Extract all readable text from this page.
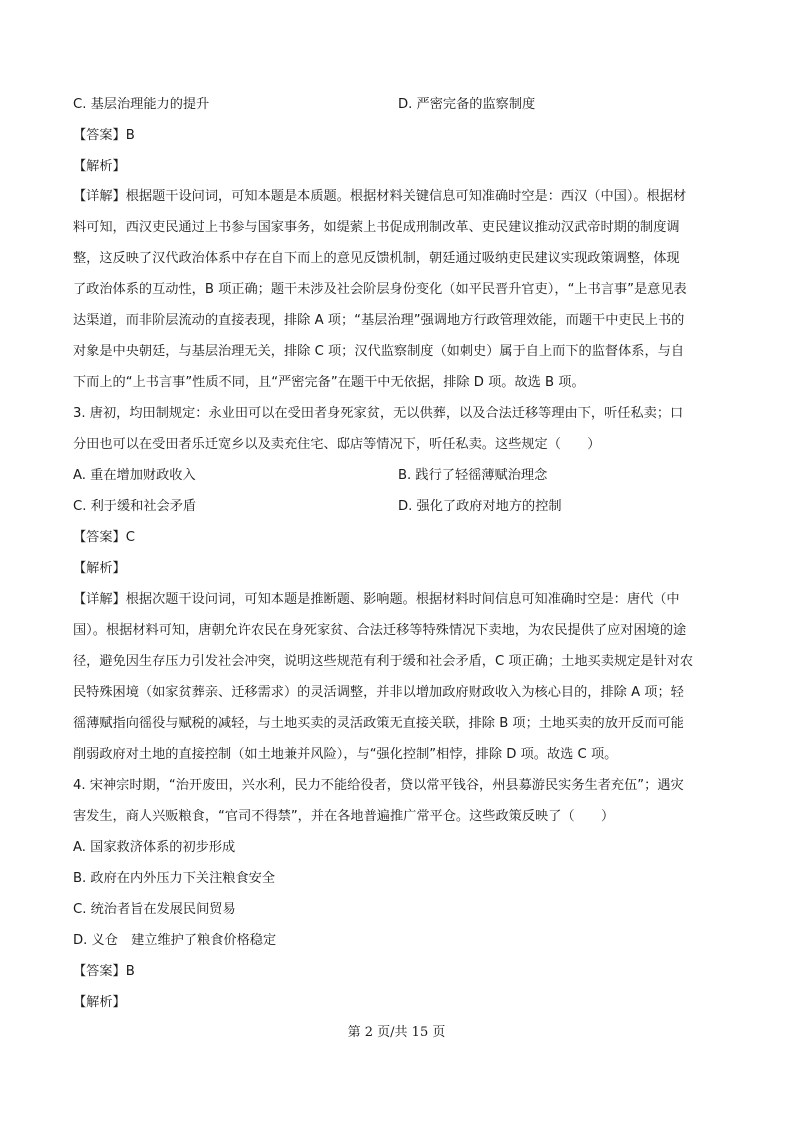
C. 基层治理能力的提升	D. 严密完备的监察制度
【答案】B
【解析】
【详解】根据题干设问词，可知本题是本质题。根据材料关键信息可知准确时空是：西汉（中国）。根据材
料可知，西汉吏民通过上书参与国家事务，如缇萦上书促成刑制改革、吏民建议推动汉武帝时期的制度调
整，这反映了汉代政治体系中存在自下而上的意见反馈机制，朝廷通过吸纳吏民建议实现政策调整，体现
了政治体系的互动性，B 项正确；题干未涉及社会阶层身份变化（如平民晋升官吏），“上书言事”是意见表
达渠道，而非阶层流动的直接表现，排除 A 项；“基层治理”强调地方行政管理效能，而题干中吏民上书的
对象是中央朝廷，与基层治理无关，排除 C 项；汉代监察制度（如刺史）属于自上而下的监督体系，与自
下而上的“上书言事”性质不同，且“严密完备”在题干中无依据，排除 D 项。故选 B 项。
3. 唐初，均田制规定：永业田可以在受田者身死家贫，无以供葬，以及合法迁移等理由下，听任私卖；口
分田也可以在受田者乐迁宽乡以及卖充住宅、邸店等情况下，听任私卖。这些规定（　　）
A. 重在增加财政收入	B. 践行了轻徭薄赋治理念
C. 利于缓和社会矛盾	D. 强化了政府对地方的控制
【答案】C
【解析】
【详解】根据次题干设问词，可知本题是推断题、影响题。根据材料时间信息可知准确时空是：唐代（中
国）。根据材料可知，唐朝允许农民在身死家贫、合法迁移等特殊情况下卖地，为农民提供了应对困境的途
径，避免因生存压力引发社会冲突，说明这些规范有利于缓和社会矛盾，C 项正确；土地买卖规定是针对农
民特殊困境（如家贫葬亲、迁移需求）的灵活调整，并非以增加政府财政收入为核心目的，排除 A 项；轻
徭薄赋指向徭役与赋税的减轻，与土地买卖的灵活政策无直接关联，排除 B 项；土地买卖的放开反而可能
削弱政府对土地的直接控制（如土地兼并风险），与“强化控制”相悖，排除 D 项。故选 C 项。
4. 宋神宗时期，“治开废田，兴水利，民力不能给役者，贷以常平钱谷，州县募游民实务生者充伍”；遇灾
害发生，商人兴贩粮食，“官司不得禁”，并在各地普遍推广常平仓。这些政策反映了（　　）
A. 国家救济体系的初步形成
B. 政府在内外压力下关注粮食安全
C. 统治者旨在发展民间贸易
D. 义仓　建立维护了粮食价格稳定
【答案】B
【解析】
第 2 页/共 15 页
